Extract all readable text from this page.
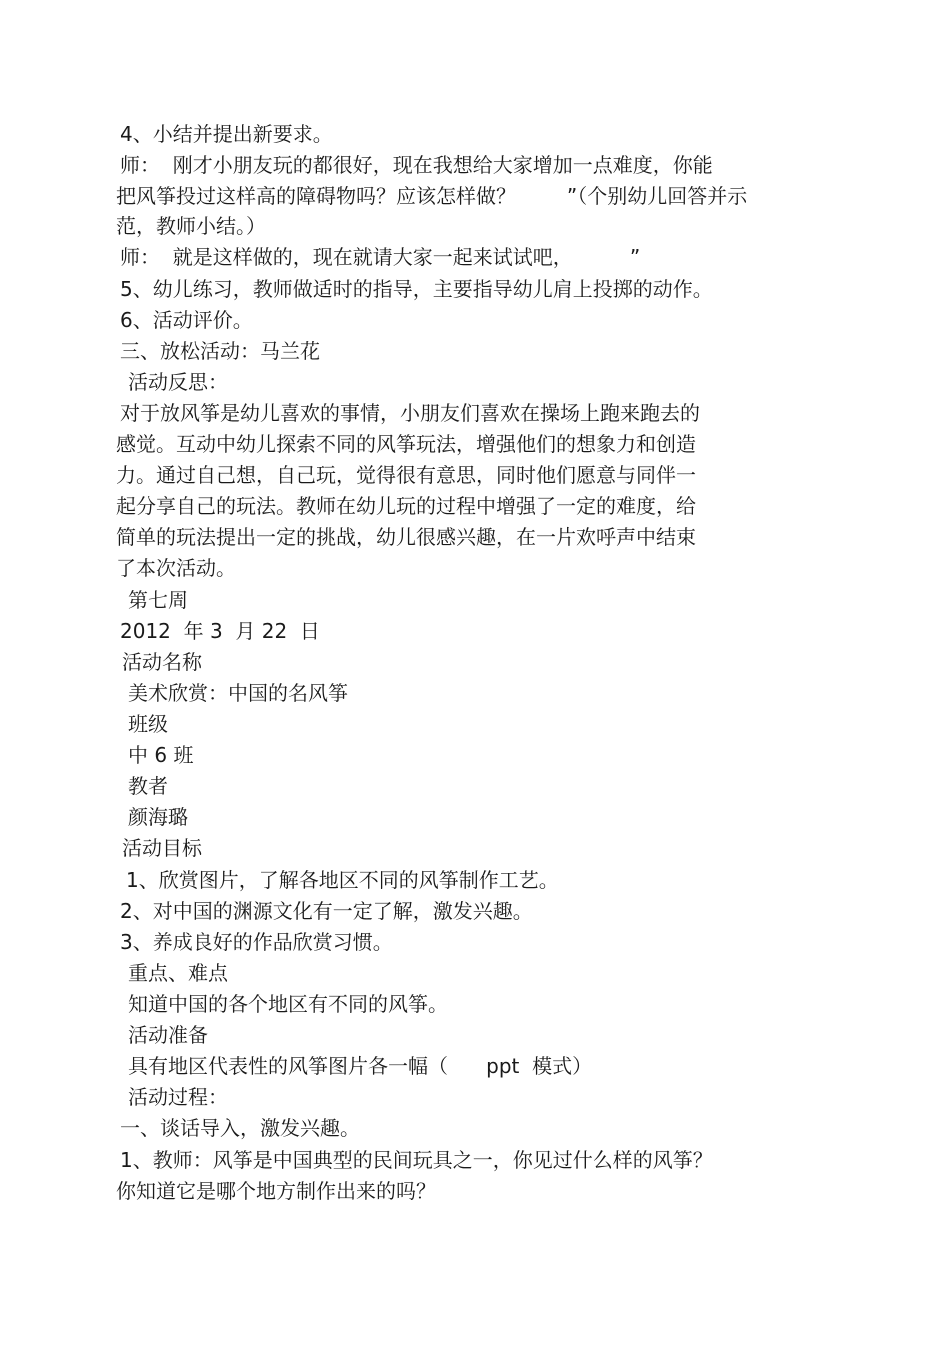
4、小结并提出新要求。
师：  刚才小朋友玩的都很好，现在我想给大家增加一点难度，你能
把风筝投过这样高的障碍物吗？应该怎样做？        ”（个别幼儿回答并示
范，教师小结。）
师：  就是这样做的，现在就请大家一起来试试吧，         ”
5、幼儿练习，教师做适时的指导，主要指导幼儿肩上投掷的动作。
6、活动评价。
三、放松活动：马兰花
活动反思：
对于放风筝是幼儿喜欢的事情，小朋友们喜欢在操场上跑来跑去的
感觉。互动中幼儿探索不同的风筝玩法，增强他们的想象力和创造
力。通过自己想，自己玩，觉得很有意思，同时他们愿意与同伴一
起分享自己的玩法。教师在幼儿玩的过程中增强了一定的难度，给
简单的玩法提出一定的挑战，幼儿很感兴趣，在一片欢呼声中结束
了本次活动。
第七周
2012  年 3  月 22  日
活动名称
美术欣赏：中国的名风筝
班级
中 6 班
教者
颜海璐
活动目标
1、欣赏图片，了解各地区不同的风筝制作工艺。
2、对中国的渊源文化有一定了解，激发兴趣。
3、养成良好的作品欣赏习惯。
重点、难点
知道中国的各个地区有不同的风筝。
活动准备
具有地区代表性的风筝图片各一幅（      ppt  模式）
活动过程：
一、谈话导入，激发兴趣。
1、教师：风筝是中国典型的民间玩具之一，你见过什么样的风筝？
你知道它是哪个地方制作出来的吗？
